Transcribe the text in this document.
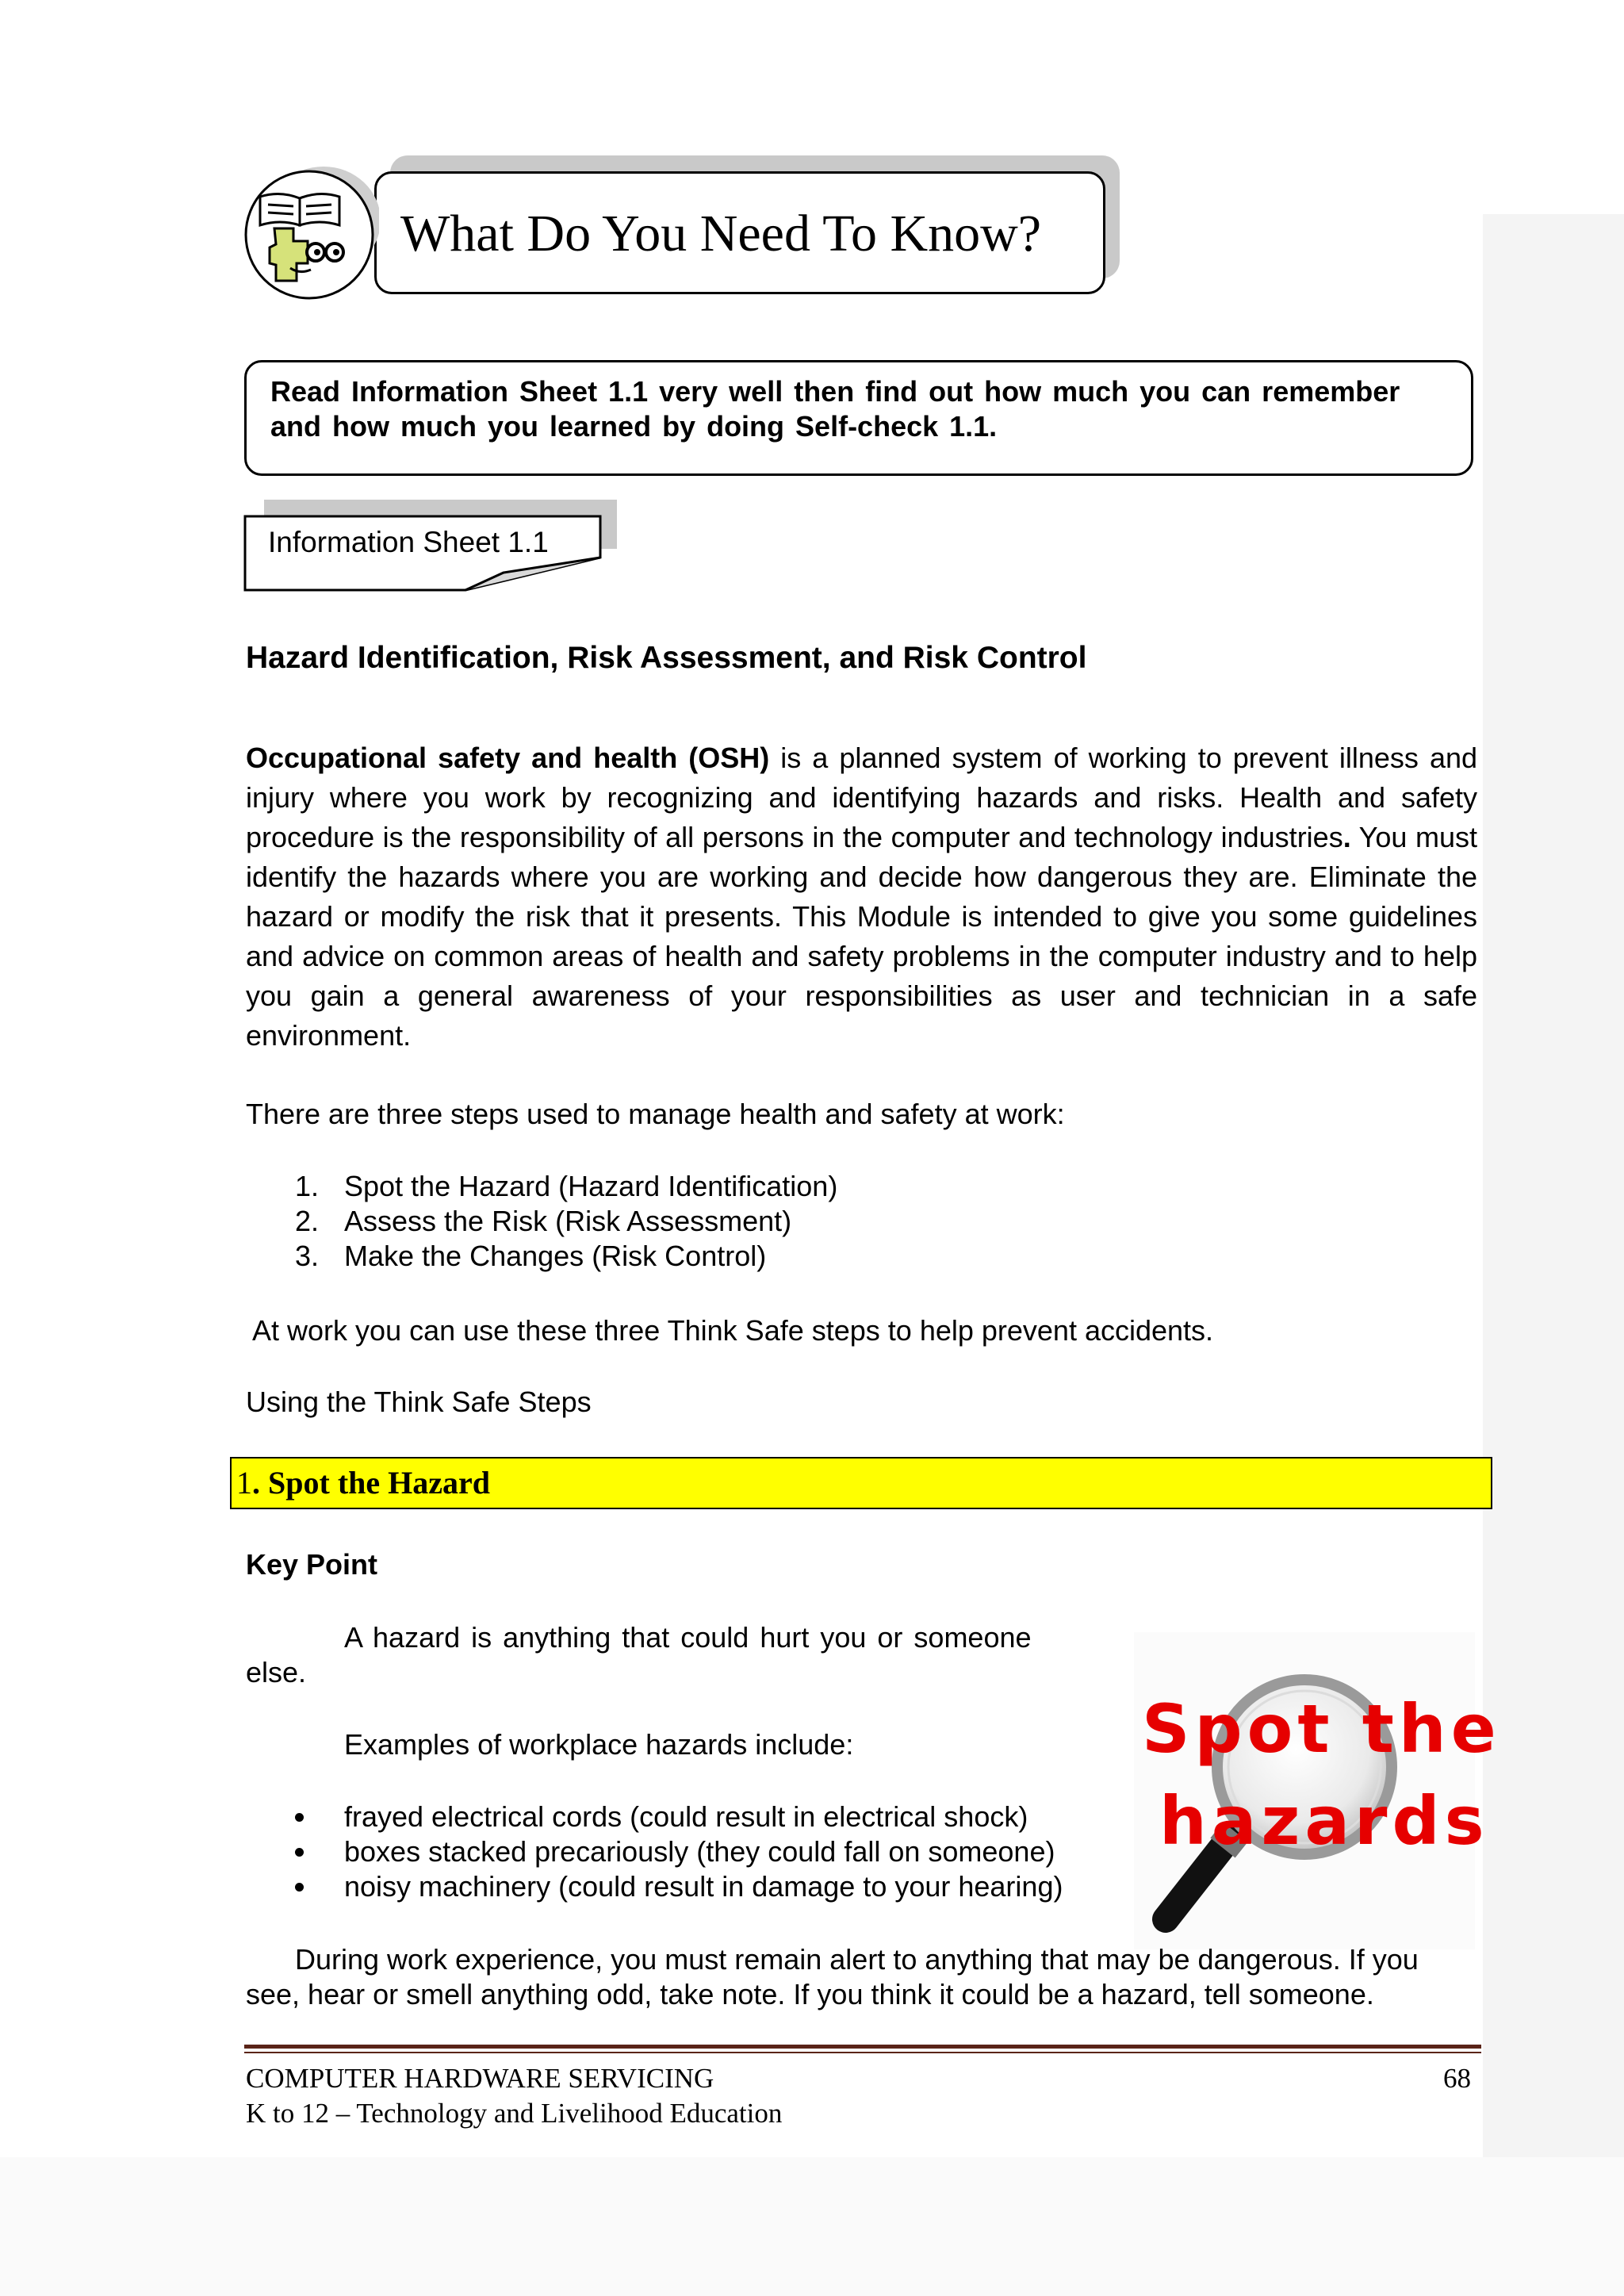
What Do You Need To Know?
Read Information Sheet 1.1 very well then find out how much you can remember and how much you learned by doing Self-check 1.1.
Information Sheet 1.1
Hazard Identification, Risk Assessment, and Risk Control
Occupational safety and health (OSH) is a planned system of working to prevent illness and injury where you work by recognizing and identifying hazards and risks. Health and safety procedure is the responsibility of all persons in the computer and technology industries. You must identify the hazards where you are working and decide how dangerous they are. Eliminate the hazard or modify the risk that it presents. This Module is intended to give you some guidelines and advice on common areas of health and safety problems in the computer industry and to help you gain a general awareness of your responsibilities as user and technician in a safe environment.
There are three steps used to manage health and safety at work:
1. Spot the Hazard (Hazard Identification)
2. Assess the Risk (Risk Assessment)
3. Make the Changes (Risk Control)
At work you can use these three Think Safe steps to help prevent accidents.
Using the Think Safe Steps
1. Spot the Hazard
Key Point
A hazard is anything that could hurt you or someone
else.
Examples of workplace hazards include:
frayed electrical cords (could result in electrical shock)
boxes stacked precariously (they could fall on someone)
noisy machinery (could result in damage to your hearing)
Spot the
hazards
During work experience, you must remain alert to anything that may be dangerous. If you see, hear or smell anything odd, take note. If you think it could be a hazard, tell someone.
COMPUTER HARDWARE SERVICING	68
K to 12 – Technology and Livelihood Education
